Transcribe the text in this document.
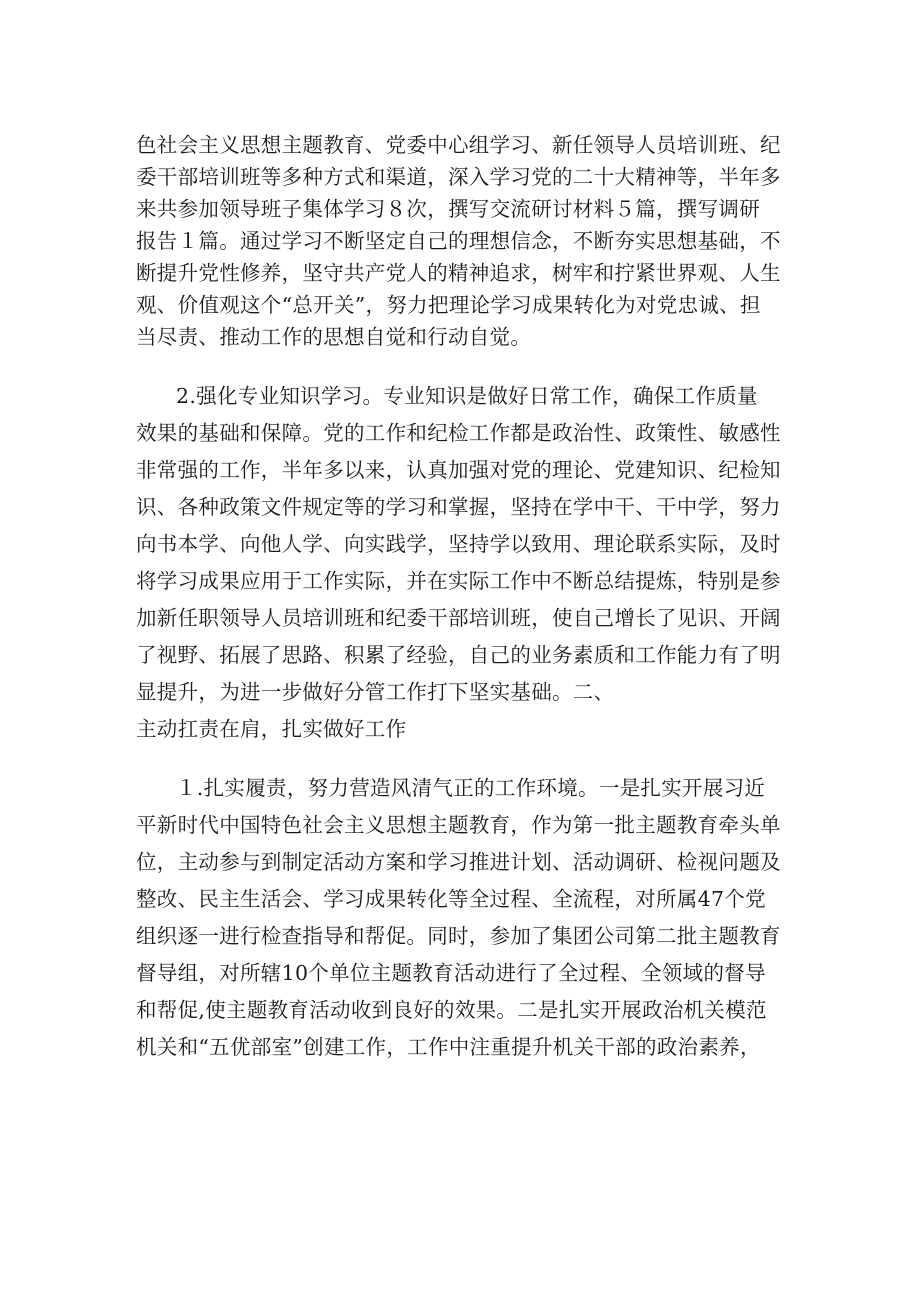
色社会主义思想主题教育、党委中心组学习、新任领导人员培训班、纪
委干部培训班等多种方式和渠道，深入学习党的二十大精神等，半年多
来共参加领导班子集体学习８次，撰写交流研讨材料５篇，撰写调研
报告１篇。通过学习不断坚定自己的理想信念，不断夯实思想基础，不
断提升党性修养，坚守共产党人的精神追求，树牢和拧紧世界观、人生
观、价值观这个“总开关”，努力把理论学习成果转化为对党忠诚、担
当尽责、推动工作的思想自觉和行动自觉。
2.强化专业知识学习。专业知识是做好日常工作，确保工作质量
效果的基础和保障。党的工作和纪检工作都是政治性、政策性、敏感性
非常强的工作，半年多以来，认真加强对党的理论、党建知识、纪检知
识、各种政策文件规定等的学习和掌握，坚持在学中干、干中学，努力
向书本学、向他人学、向实践学，坚持学以致用、理论联系实际，及时
将学习成果应用于工作实际，并在实际工作中不断总结提炼，特别是参
加新任职领导人员培训班和纪委干部培训班，使自己增长了见识、开阔
了视野、拓展了思路、积累了经验，自己的业务素质和工作能力有了明
显提升，为进一步做好分管工作打下坚实基础。二、
主动扛责在肩，扎实做好工作
１.扎实履责，努力营造风清气正的工作环境。一是扎实开展习近
平新时代中国特色社会主义思想主题教育，作为第一批主题教育牵头单
位，主动参与到制定活动方案和学习推进计划、活动调研、检视问题及
整改、民主生活会、学习成果转化等全过程、全流程，对所属47个党
组织逐一进行检查指导和帮促。同时，参加了集团公司第二批主题教育
督导组，对所辖10个单位主题教育活动进行了全过程、全领域的督导
和帮促,使主题教育活动收到良好的效果。二是扎实开展政治机关模范
机关和“五优部室”创建工作，工作中注重提升机关干部的政治素养，
